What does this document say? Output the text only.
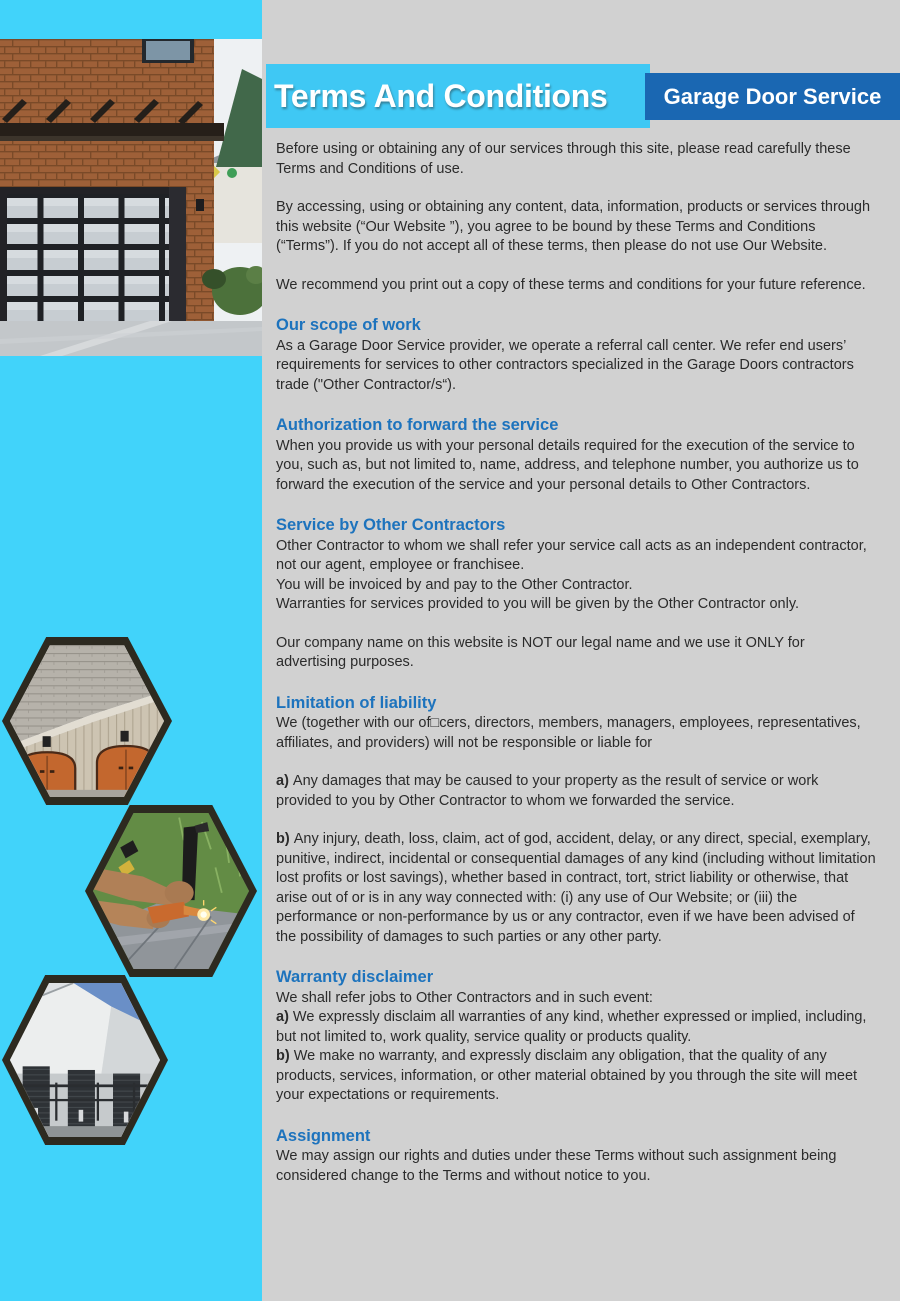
Terms And Conditions	Garage Door Service

Before using or obtaining any of our services through this site, please read carefully these Terms and Conditions of use.

By accessing, using or obtaining any content, data, information, products or services through this website (“Our Website ”), you agree to be bound by these Terms and Conditions (“Terms”). If you do not accept all of these terms, then please do not use Our Website.

We recommend you print out a copy of these terms and conditions for your future reference.

Our scope of work

As a Garage Door Service provider, we operate a referral call center. We refer end users’ requirements for services to other contractors specialized in the Garage Doors contractors trade ("Other Contractor/s“).

Authorization to forward the service

When you provide us with your personal details required for the execution of the service to you, such as, but not limited to, name, address, and telephone number, you authorize us to forward the execution of the service and your personal details to Other Contractors.

Service by Other Contractors

Other Contractor to whom we shall refer your service call acts as an independent contractor, not our agent, employee or franchisee.

You will be invoiced by and pay to the Other Contractor.

Warranties for services provided to you will be given by the Other Contractor only.

Our company name on this website is NOT our legal name and we use it ONLY for advertising purposes.

Limitation of liability

We (together with our of□cers, directors, members, managers, employees, representatives, affiliates, and providers) will not be responsible or liable for

a) Any damages that may be caused to your property as the result of service or work provided to you by Other Contractor to whom we forwarded the service.

b) Any injury, death, loss, claim, act of god, accident, delay, or any direct, special, exemplary, punitive, indirect, incidental or consequential damages of any kind (including without limitation lost profits or lost savings), whether based in contract, tort, strict liability or otherwise, that arise out of or is in any way connected with: (i) any use of Our Website; or (iii) the performance or non-performance by us or any contractor, even if we have been advised of the possibility of damages to such parties or any other party.

Warranty disclaimer

We shall refer jobs to Other Contractors and in such event:

a) We expressly disclaim all warranties of any kind, whether expressed or implied, including, but not limited to, work quality, service quality or products quality.

b) We make no warranty, and expressly disclaim any obligation, that the quality of any products, services, information, or other material obtained by you through the site will meet your expectations or requirements.

Assignment

We may assign our rights and duties under these Terms without such assignment being considered change to the Terms and without notice to you.
